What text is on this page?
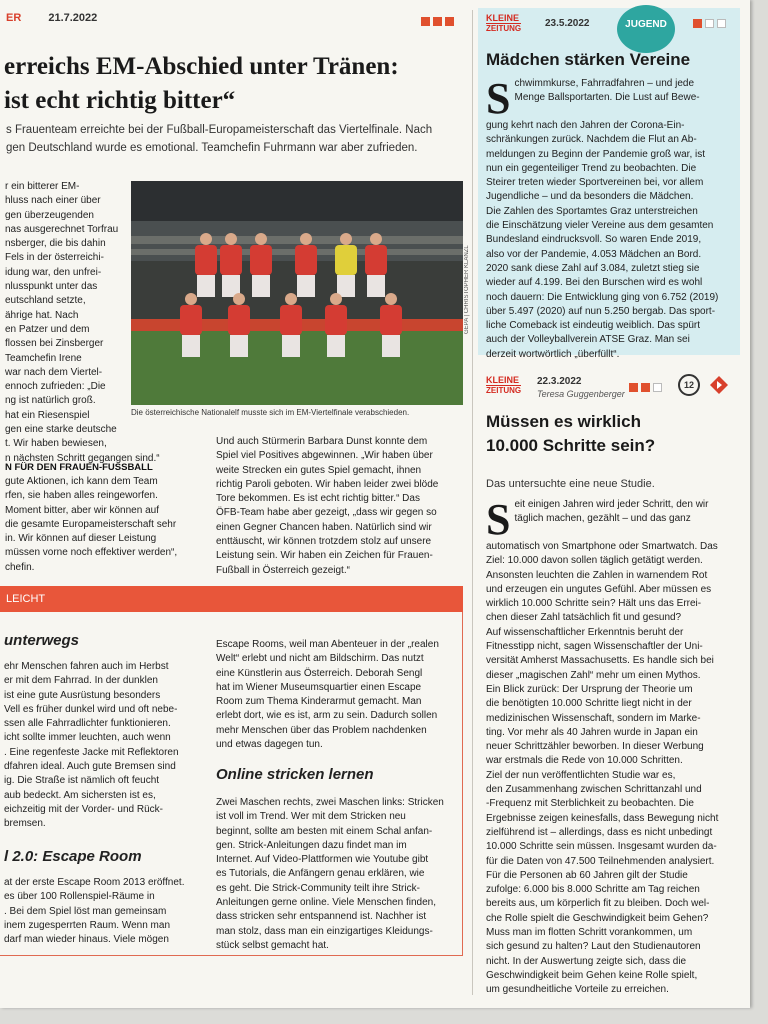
ER 21.7.2022
erreichs EM-Abschied unter Tränen:
ist echt richtig bitter“
s Frauenteam erreichte bei der Fußball-Europameisterschaft das Viertelfinale. Nach
gen Deutschland wurde es emotional. Teamchefin Fuhrmann war aber zufrieden.
r ein bitterer EM-
hluss nach einer über
gen überzeugenden
nas ausgerechnet Torfrau
nsberger, die bis dahin
Fels in der österreichi-
idung war, den unfrei-
nlusspunkt unter das
eutschland setzte,
ährige hat. Nach
en Patzer und dem
flossen bei Zinsberger
Teamchefin Irene
war nach dem Viertel-
ennoch zufrieden: „Die
ng ist natürlich groß.
hat ein Riesenspiel
gen eine starke deutsche
t. Wir haben bewiesen,
n nächsten Schritt gegangen sind.“
N FÜR DEN FRAUEN-FUSSBALL
gute Aktionen, ich kann dem Team
rfen, sie haben alles reingeworfen.
Moment bitter, aber wir können auf
die gesamte Europameisterschaft sehr
in. Wir können auf dieser Leistung
müssen vorne noch effektiver werden“,
chefin.
GEPA | CHRISTOPHER KLANZL
Die österreichische Nationalelf musste sich im EM-Viertelfinale verabschieden.
Und auch Stürmerin Barbara Dunst konnte dem
Spiel viel Positives abgewinnen. „Wir haben über
weite Strecken ein gutes Spiel gemacht, ihnen
richtig Paroli geboten. Wir haben leider zwei blöde
Tore bekommen. Es ist echt richtig bitter.“ Das
ÖFB-Team habe aber gezeigt, „dass wir gegen so
einen Gegner Chancen haben. Natürlich sind wir
enttäuscht, wir können trotzdem stolz auf unsere
Leistung sein. Wir haben ein Zeichen für Frauen-
Fußball in Österreich gezeigt.“
LEICHT
unterwegs
ehr Menschen fahren auch im Herbst
er mit dem Fahrrad. In der dunklen
ist eine gute Ausrüstung besonders
Vell es früher dunkel wird und oft nebe-
ssen alle Fahrradlichter funktionieren.
icht sollte immer leuchten, auch wenn
. Eine regenfeste Jacke mit Reflektoren
dfahren ideal. Auch gute Bremsen sind
ig. Die Straße ist nämlich oft feucht
aub bedeckt. Am sichersten ist es,
eichzeitig mit der Vorder- und Rück-
bremsen.
l 2.0: Escape Room
at der erste Escape Room 2013 eröffnet.
es über 100 Rollenspiel-Räume in
. Bei dem Spiel löst man gemeinsam
inem zugesperrten Raum. Wenn man
darf man wieder hinaus. Viele mögen
Escape Rooms, weil man Abenteuer in der „realen
Welt“ erlebt und nicht am Bildschirm. Das nutzt
eine Künstlerin aus Österreich. Deborah Sengl
hat im Wiener Museumsquartier einen Escape
Room zum Thema Kinderarmut gemacht. Man
erlebt dort, wie es ist, arm zu sein. Dadurch sollen
mehr Menschen über das Problem nachdenken
und etwas dagegen tun.
Online stricken lernen
Zwei Maschen rechts, zwei Maschen links: Stricken
ist voll im Trend. Wer mit dem Stricken neu
beginnt, sollte am besten mit einem Schal anfan-
gen. Strick-Anleitungen dazu findet man im
Internet. Auf Video-Plattformen wie Youtube gibt
es Tutorials, die Anfängern genau erklären, wie
es geht. Die Strick-Community teilt ihre Strick-
Anleitungen gerne online. Viele Menschen finden,
dass stricken sehr entspannend ist. Nachher ist
man stolz, dass man ein einzigartiges Kleidungs-
stück selbst gemacht hat.
KLEINE
ZEITUNG 23.5.2022	JUGEND
Mädchen stärken Vereine
S chwimmkurse, Fahrradfahren – und jede
Menge Ballsportarten. Die Lust auf Bewe-
gung kehrt nach den Jahren der Corona-Ein-
schränkungen zurück. Nachdem die Flut an Ab-
meldungen zu Beginn der Pandemie groß war, ist
nun ein gegenteiliger Trend zu beobachten. Die
Steirer treten wieder Sportvereinen bei, vor allem
Jugendliche – und da besonders die Mädchen.
Die Zahlen des Sportamtes Graz unterstreichen
die Einschätzung vieler Vereine aus dem gesamten
Bundesland eindrucksvoll. So waren Ende 2019,
also vor der Pandemie, 4.053 Mädchen an Bord.
2020 sank diese Zahl auf 3.084, zuletzt stieg sie
wieder auf 4.199. Bei den Burschen wird es wohl
noch dauern: Die Entwicklung ging von 6.752 (2019)
über 5.497 (2020) auf nun 5.250 bergab. Das sport-
liche Comeback ist eindeutig weiblich. Das spürt
auch der Volleyballverein ATSE Graz. Man sei
derzeit wortwörtlich „überfüllt“.
KLEINE
ZEITUNG
22.3.2022
Teresa Guggenberger
12
Müssen es wirklich
10.000 Schritte sein?
Das untersuchte eine neue Studie.
S eit einigen Jahren wird jeder Schritt, den wir
täglich machen, gezählt – und das ganz
automatisch von Smartphone oder Smartwatch. Das
Ziel: 10.000 davon sollen täglich getätigt werden.
Ansonsten leuchten die Zahlen in warnendem Rot
und erzeugen ein ungutes Gefühl. Aber müssen es
wirklich 10.000 Schritte sein? Hält uns das Errei-
chen dieser Zahl tatsächlich fit und gesund?
Auf wissenschaftlicher Erkenntnis beruht der
Fitnesstipp nicht, sagen Wissenschaftler der Uni-
versität Amherst Massachusetts. Es handle sich bei
dieser „magischen Zahl“ mehr um einen Mythos.
Ein Blick zurück: Der Ursprung der Theorie um
die benötigten 10.000 Schritte liegt nicht in der
medizinischen Wissenschaft, sondern im Marke-
ting. Vor mehr als 40 Jahren wurde in Japan ein
neuer Schrittzähler beworben. In dieser Werbung
war erstmals die Rede von 10.000 Schritten.
Ziel der nun veröffentlichten Studie war es,
den Zusammenhang zwischen Schrittanzahl und
-Frequenz mit Sterblichkeit zu beobachten. Die
Ergebnisse zeigen keinesfalls, dass Bewegung nicht
zielführend ist – allerdings, dass es nicht unbedingt
10.000 Schritte sein müssen. Insgesamt wurden da-
für die Daten von 47.500 Teilnehmenden analysiert.
Für die Personen ab 60 Jahren gilt der Studie
zufolge: 6.000 bis 8.000 Schritte am Tag reichen
bereits aus, um körperlich fit zu bleiben. Doch wel-
che Rolle spielt die Geschwindigkeit beim Gehen?
Muss man im flotten Schritt vorankommen, um
sich gesund zu halten? Laut den Studienautoren
nicht. In der Auswertung zeigte sich, dass die
Geschwindigkeit beim Gehen keine Rolle spielt,
um gesundheitliche Vorteile zu erreichen.
